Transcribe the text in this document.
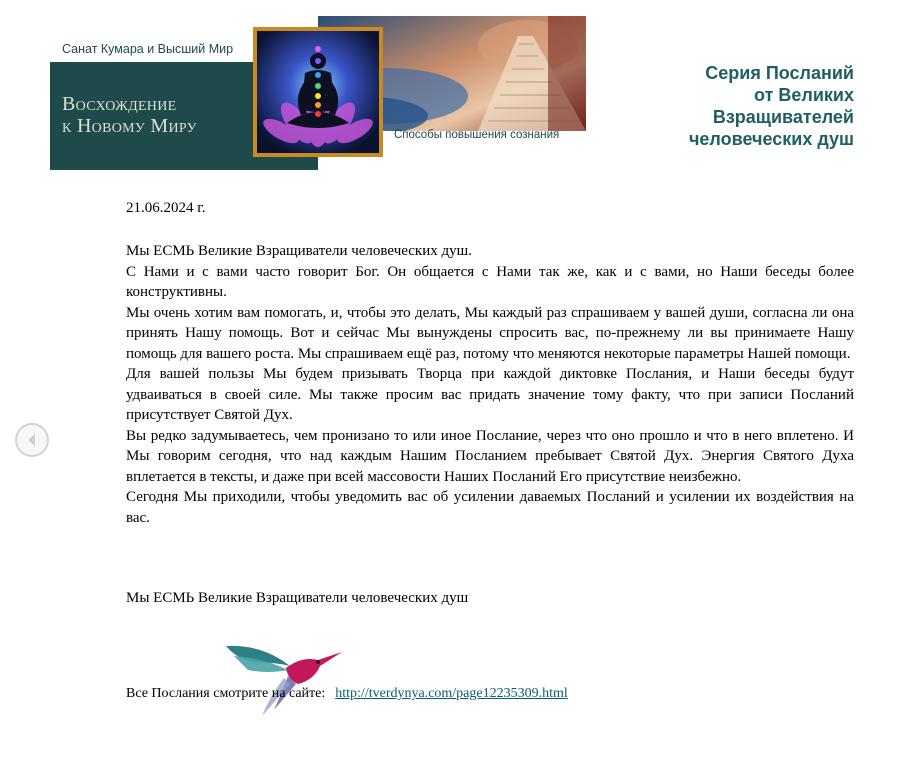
Санат Кумара и Высший Мир
Восхождение
к Новому Миру	Способы повышения сознания
Серия Посланий
от Великих
Взращивателей
человеческих душ
21.06.2024 г.

Мы ЕСМЬ Великие Взращиватели человеческих душ.

С Нами и с вами часто говорит Бог. Он общается с Нами так же, как и с вами, но Наши беседы более конструктивны.

Мы очень хотим вам помогать, и, чтобы это делать, Мы каждый раз спрашиваем у вашей души, согласна ли она принять Нашу помощь. Вот и сейчас Мы вынуждены спросить вас, по-прежнему ли вы принимаете Нашу помощь для вашего роста. Мы спрашиваем ещё раз, потому что меняются некоторые параметры Нашей помощи.

Для вашей пользы Мы будем призывать Творца при каждой диктовке Послания, и Наши беседы будут удваиваться в своей силе. Мы также просим вас придать значение тому факту, что при записи Посланий присутствует Святой Дух.

Вы редко задумываетесь, чем пронизано то или иное Послание, через что оно прошло и что в него вплетено. И Мы говорим сегодня, что над каждым Нашим Посланием пребывает Святой Дух. Энергия Святого Духа вплетается в тексты, и даже при всей массовости Наших Посланий Его присутствие неизбежно.

Сегодня Мы приходили, чтобы уведомить вас об усилении даваемых Посланий и усилении их воздействия на вас.

Мы ЕСМЬ Великие Взращиватели человеческих душ
Все Послания смотрите на сайте: http://tverdynya.com/page12235309.html
